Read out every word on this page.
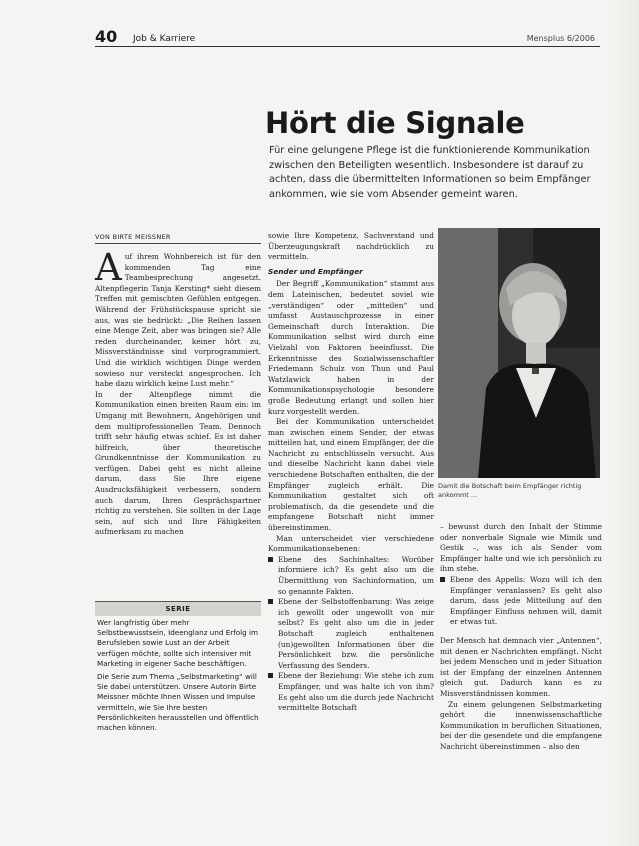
40 Job & Karriere	Mensplus 6/2006
Hört die Signale
Für eine gelungene Pflege ist die funktionierende Kommunikation zwischen den Beteiligten wesentlich. Insbesondere ist darauf zu achten, dass die übermittelten Informationen so beim Empfänger ankommen, wie sie vom Absender gemeint waren.
VON BIRTE MEISSNER

Auf ihrem Wohnbereich ist für den kommenden Tag eine Teambesprechung angesetzt. Altenpflegerin Tanja Kersting* sieht diesem Treffen mit gemischten Gefühlen entgegen. Während der Frühstückspause spricht sie aus, was sie bedrückt: „Die Reihen lassen eine Menge Zeit, aber was bringen sie? Alle reden durcheinander, keiner hört zu, Missverständnisse sind vorprogrammiert. Und die wirklich wichtigen Dinge werden sowieso nur versteckt angesprochen. Ich habe dazu wirklich keine Lust mehr.“

In der Altenpflege nimmt die Kommunikation einen breiten Raum ein: im Umgang mit Bewohnern, Angehörigen und dem multiprofessionellen Team. Dennoch trifft sehr häufig etwas schief. Es ist daher hilfreich, über theoretische Grundkenntnisse der Kommunikation zu verfügen. Dabei geht es nicht alleine darum, dass Sie Ihre eigene Ausdrucksfähigkeit verbessern, sondern auch darum, Ihren Gesprächspartner richtig zu verstehen. Sie sollten in der Lage sein, auf sich und Ihre Fähigkeiten aufmerksam zu machen

SERIE

Wer langfristig über mehr Selbstbewusstsein, Ideenglanz und Erfolg im Berufsleben sowie Lust an der Arbeit verfügen möchte, sollte sich intensiver mit Marketing in eigener Sache beschäftigen.

Die Serie zum Thema „Selbstmarketing“ will Sie dabei unterstützen. Unsere Autorin Birte Meissner möchte Ihnen Wissen und Impulse vermitteln, wie Sie Ihre besten Persönlichkeiten herausstellen und öffentlich machen können.

sowie Ihre Kompetenz, Sachverstand und Überzeugungskraft nachdrücklich zu vermitteln.

Sender und Empfänger

Der Begriff „Kommunikation“ stammt aus dem Lateinischen, bedeutet soviel wie „verständigen“ oder „mitteilen“ und umfasst Austauschprozesse in einer Gemeinschaft durch Interaktion. Die Kommunikation selbst wird durch eine Vielzahl von Faktoren beeinflusst. Die Erkenntnisse des Sozialwissenschaftler Friedemann Schulz von Thun und Paul Watzlawick haben in der Kommunikationspsychologie besondere große Bedeutung erlangt und sollen hier kurz vorgestellt werden.

Bei der Kommunikation unterscheidet man zwischen einem Sender, der etwas mitteilen hat, und einem Empfänger, der die Nachricht zu entschlüsseln versucht. Aus und dieselbe Nachricht kann dabei viele verschiedene Botschaften enthalten, die der Empfänger zugleich erhält. Die Kommunikation gestaltet sich oft problematisch, da die gesendete und die empfangene Botschaft nicht immer übereinstimmen.

Man unterscheidet vier verschiedene Kommunikationsebenen:

Ebene des Sachinhaltes: Worüber informiere ich? Es geht also um die Übermittlung von Sachinformation, um so genannte Fakten.
Ebene der Selbstoffenbarung: Was zeige ich gewollt oder ungewollt von mir selbst? Es geht also um die in jeder Botschaft zugleich enthaltenen (un)gewollten Informationen über die Persönlichkeit bzw. die persönliche Verfassung des Senders.
Ebene der Beziehung: Wie stehe ich zum Empfänger, und was halte ich von ihm? Es geht also um die durch jede Nachricht vermittelte Botschaft
Damit die Botschaft beim Empfänger richtig ankommt ...

– bewusst durch den Inhalt der Stimme oder nonverbale Signale wie Mimik und Gestik –, was ich als Sender vom Empfänger halte und wie ich persönlich zu ihm stehe.

Ebene des Appells: Wozu will ich den Empfänger veranlassen? Es geht also darum, dass jede Mitteilung auf den Empfänger Einfluss nehmen will, damit er etwas tut.

Der Mensch hat demnach vier „Antennen“, mit denen er Nachrichten empfängt. Nicht bei jedem Menschen und in jeder Situation ist der Empfang der einzelnen Antennen gleich gut. Dadurch kann es zu Missverständnissen kommen.

Zu einem gelungenen Selbstmarketing gehört die innenwissenschaftliche Kommunikation in beruflichen Situationen, bei der die gesendete und die empfangene Nachricht übereinstimmen – also den
